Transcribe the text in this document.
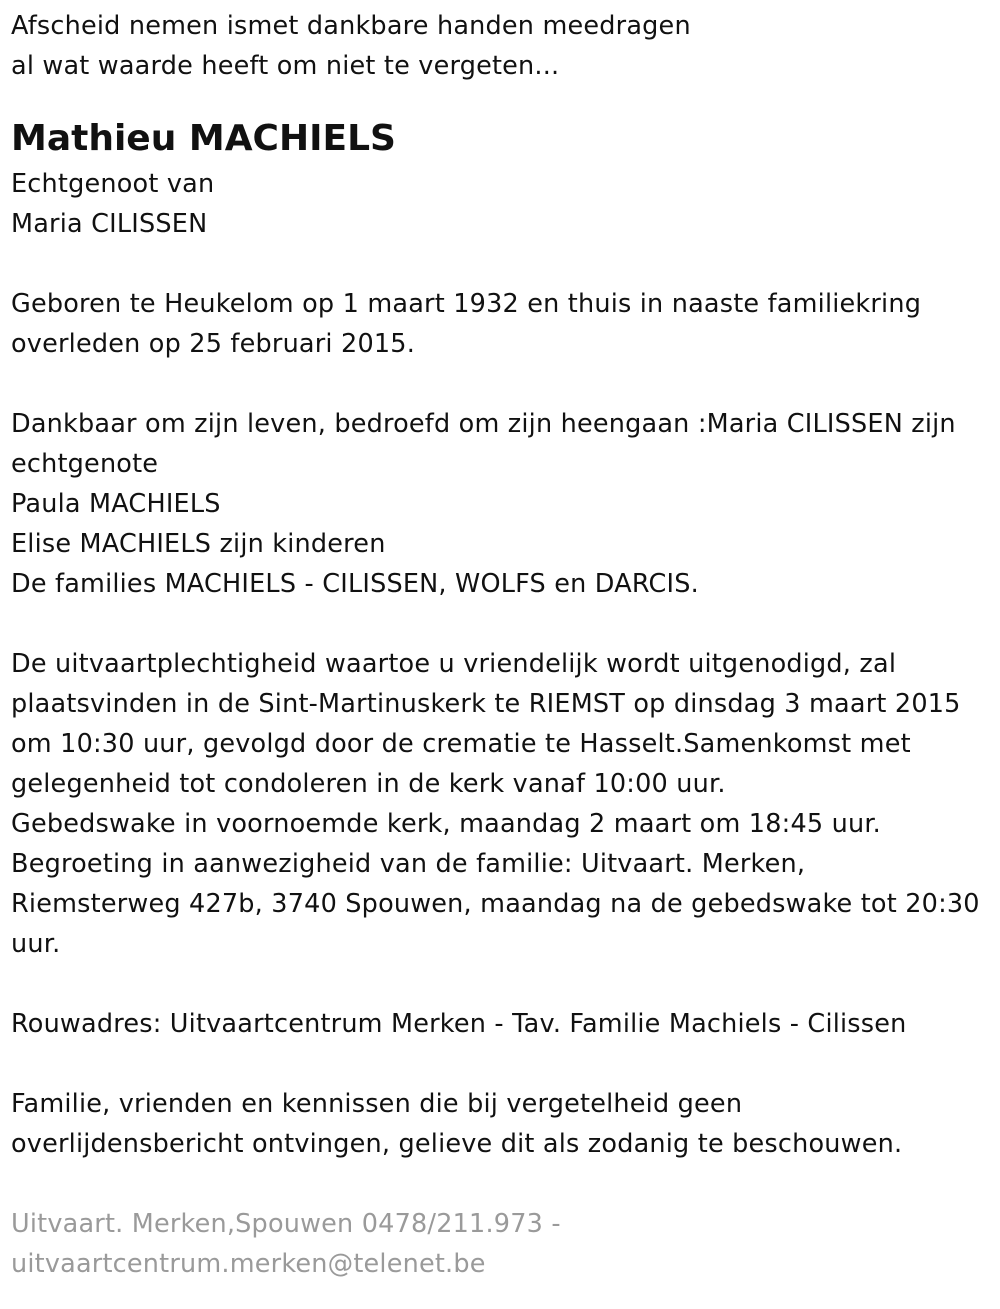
Afscheid nemen ismet dankbare handen meedragen
al wat waarde heeft om niet te vergeten...
Mathieu MACHIELS
Echtgenoot van
Maria CILISSEN
Geboren te Heukelom op 1 maart 1932 en thuis in naaste familiekring
overleden op 25 februari 2015.
Dankbaar om zijn leven, bedroefd om zijn heengaan :Maria CILISSEN zijn
echtgenote
Paula MACHIELS
Elise MACHIELS zijn kinderen
De families MACHIELS - CILISSEN, WOLFS en DARCIS.
De uitvaartplechtigheid waartoe u vriendelijk wordt uitgenodigd, zal
plaatsvinden in de Sint-Martinuskerk te RIEMST op dinsdag 3 maart 2015
om 10:30 uur, gevolgd door de crematie te Hasselt.Samenkomst met
gelegenheid tot condoleren in de kerk vanaf 10:00 uur.
Gebedswake in voornoemde kerk, maandag 2 maart om 18:45 uur.
Begroeting in aanwezigheid van de familie: Uitvaart. Merken,
Riemsterweg 427b, 3740 Spouwen, maandag na de gebedswake tot 20:30
uur.
Rouwadres: Uitvaartcentrum Merken - Tav. Familie Machiels - Cilissen
Familie, vrienden en kennissen die bij vergetelheid geen
overlijdensbericht ontvingen, gelieve dit als zodanig te beschouwen.
Uitvaart. Merken,Spouwen 0478/211.973 -
uitvaartcentrum.merken@telenet.be
